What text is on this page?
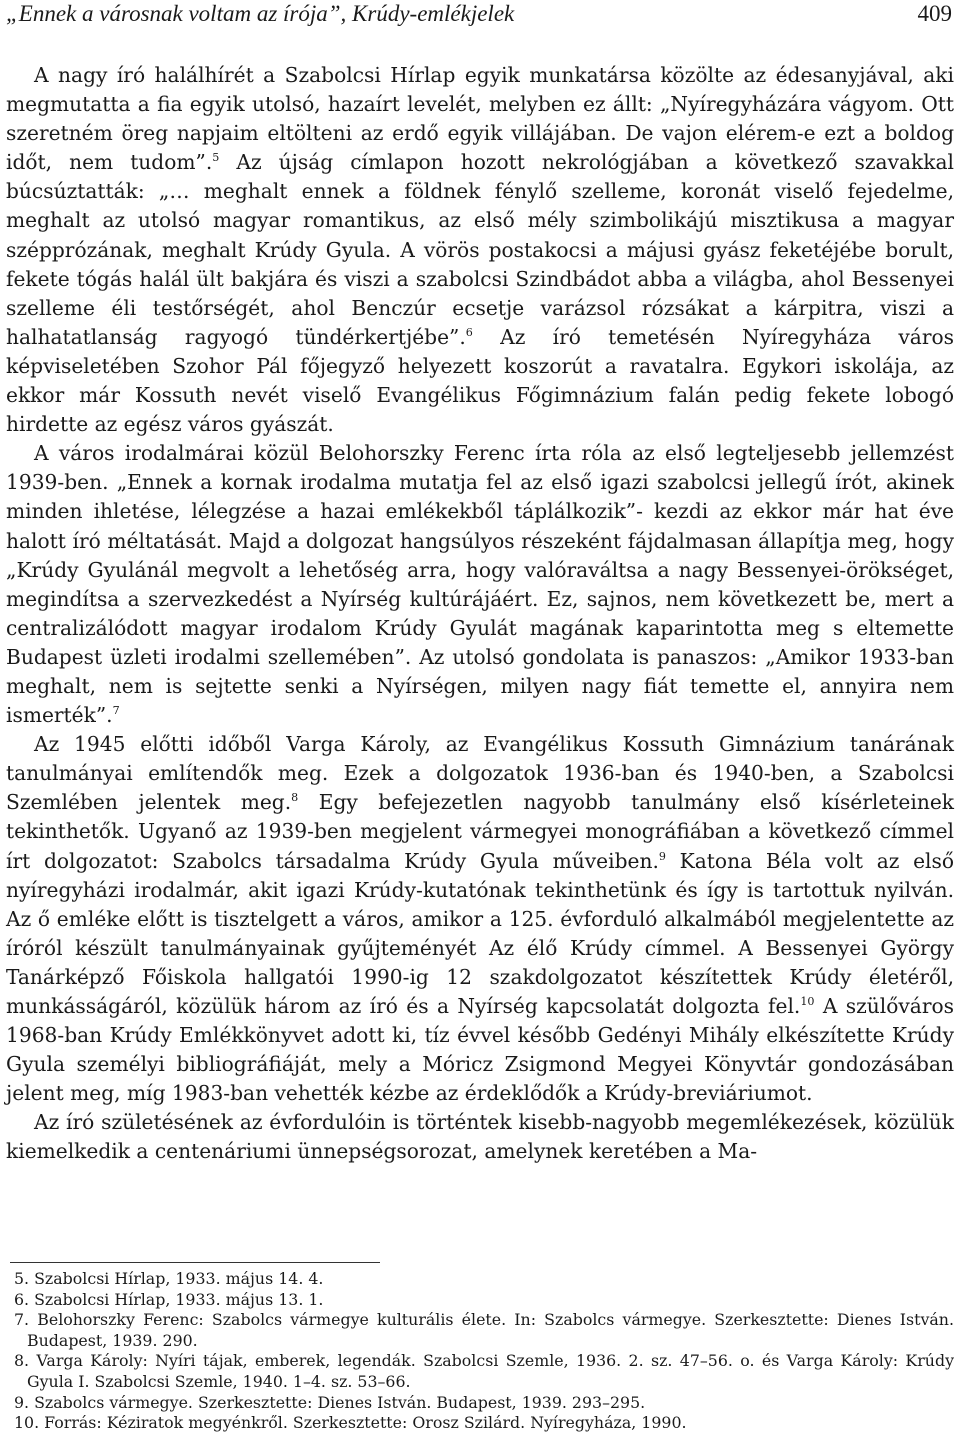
„Ennek a városnak voltam az írója”, Krúdy-emlékjelek	409

A nagy író halálhírét a Szabolcsi Hírlap egyik munkatársa közölte az édesanyjával, aki megmutatta a fia egyik utolsó, hazaírt levelét, melyben ez állt: „Nyíregyházára vágyom. Ott szeretném öreg napjaim eltölteni az erdő egyik villájában. De vajon elérem-e ezt a boldog időt, nem tudom”.$^5$ Az újság címlapon hozott nekrológjában a következő szavakkal búcsúztatták: „… meghalt ennek a földnek fénylő szelleme, koronát viselő fejedelme, meghalt az utolsó magyar romantikus, az első mély szimbolikájú misztikusa a magyar szépprózának, meghalt Krúdy Gyula. A vörös postakocsi a májusi gyász feketéjébe borult, fekete tógás halál ült bakjára és viszi a szabolcsi Szindbádot abba a világba, ahol Bessenyei szelleme éli testőrségét, ahol Benczúr ecsetje varázsol rózsákat a kárpitra, viszi a halhatatlanság ragyogó tündérkertjébe”.$^6$ Az író temetésén Nyíregyháza város képviseletében Szohor Pál főjegyző helyezett koszorút a ravatalra. Egykori iskolája, az ekkor már Kossuth nevét viselő Evangélikus Főgimnázium falán pedig fekete lobogó hirdette az egész város gyászát.

A város irodalmárai közül Belohorszky Ferenc írta róla az első legteljesebb jellemzést 1939-ben. „Ennek a kornak irodalma mutatja fel az első igazi szabolcsi jellegű írót, akinek minden ihletése, lélegzése a hazai emlékekből táplálkozik”- kezdi az ekkor már hat éve halott író méltatását. Majd a dolgozat hangsúlyos részeként fájdalmasan állapítja meg, hogy „Krúdy Gyulánál megvolt a lehetőség arra, hogy valóraváltsa a nagy Bessenyei-örökséget, megindítsa a szervezkedést a Nyírség kultúrájáért. Ez, sajnos, nem következett be, mert a centralizálódott magyar irodalom Krúdy Gyulát magának kaparintotta meg s eltemette Budapest üzleti irodalmi szellemében”. Az utolsó gondolata is panaszos: „Amikor 1933-ban meghalt, nem is sejtette senki a Nyírségen, milyen nagy fiát temette el, annyira nem ismerték”.$^7$

Az 1945 előtti időből Varga Károly, az Evangélikus Kossuth Gimnázium tanárának tanulmányai említendők meg. Ezek a dolgozatok 1936-ban és 1940-ben, a Szabolcsi Szemlében jelentek meg.$^8$ Egy befejezetlen nagyobb tanulmány első kísérleteinek tekinthetők. Ugyanő az 1939-ben megjelent vármegyei monográfiában a következő címmel írt dolgozatot: Szabolcs társadalma Krúdy Gyula műveiben.$^9$ Katona Béla volt az első nyíregyházi irodalmár, akit igazi Krúdy-kutatónak tekinthetünk és így is tartottuk nyilván. Az ő emléke előtt is tisztelgett a város, amikor a 125. évforduló alkalmából megjelentette az íróról készült tanulmányainak gyűjteményét Az élő Krúdy címmel. A Bessenyei György Tanárképző Főiskola hallgatói 1990-ig 12 szakdolgozatot készítettek Krúdy életéről, munkásságáról, közülük három az író és a Nyírség kapcsolatát dolgozta fel.$^{10}$ A szülőváros 1968-ban Krúdy Emlékkönyvet adott ki, tíz évvel később Gedényi Mihály elkészítette Krúdy Gyula személyi bibliográfiáját, mely a Móricz Zsigmond Megyei Könyvtár gondozásában jelent meg, míg 1983-ban vehették kézbe az érdeklődők a Krúdy-breviáriumot.

Az író születésének az évfordulóin is történtek kisebb-nagyobb megemlékezések, közülük kiemelkedik a centenáriumi ünnepségsorozat, amelynek keretében a Ma-

5. Szabolcsi Hírlap, 1933. május 14. 4.

6. Szabolcsi Hírlap, 1933. május 13. 1.

7. Belohorszky Ferenc: Szabolcs vármegye kulturális élete. In: Szabolcs vármegye. Szerkesztette: Dienes István. Budapest, 1939. 290.

8. Varga Károly: Nyíri tájak, emberek, legendák. Szabolcsi Szemle, 1936. 2. sz. 47–56. o. és Varga Károly: Krúdy Gyula I. Szabolcsi Szemle, 1940. 1–4. sz. 53–66.

9. Szabolcs vármegye. Szerkesztette: Dienes István. Budapest, 1939. 293–295.

10. Forrás: Kéziratok megyénkről. Szerkesztette: Orosz Szilárd. Nyíregyháza, 1990.
